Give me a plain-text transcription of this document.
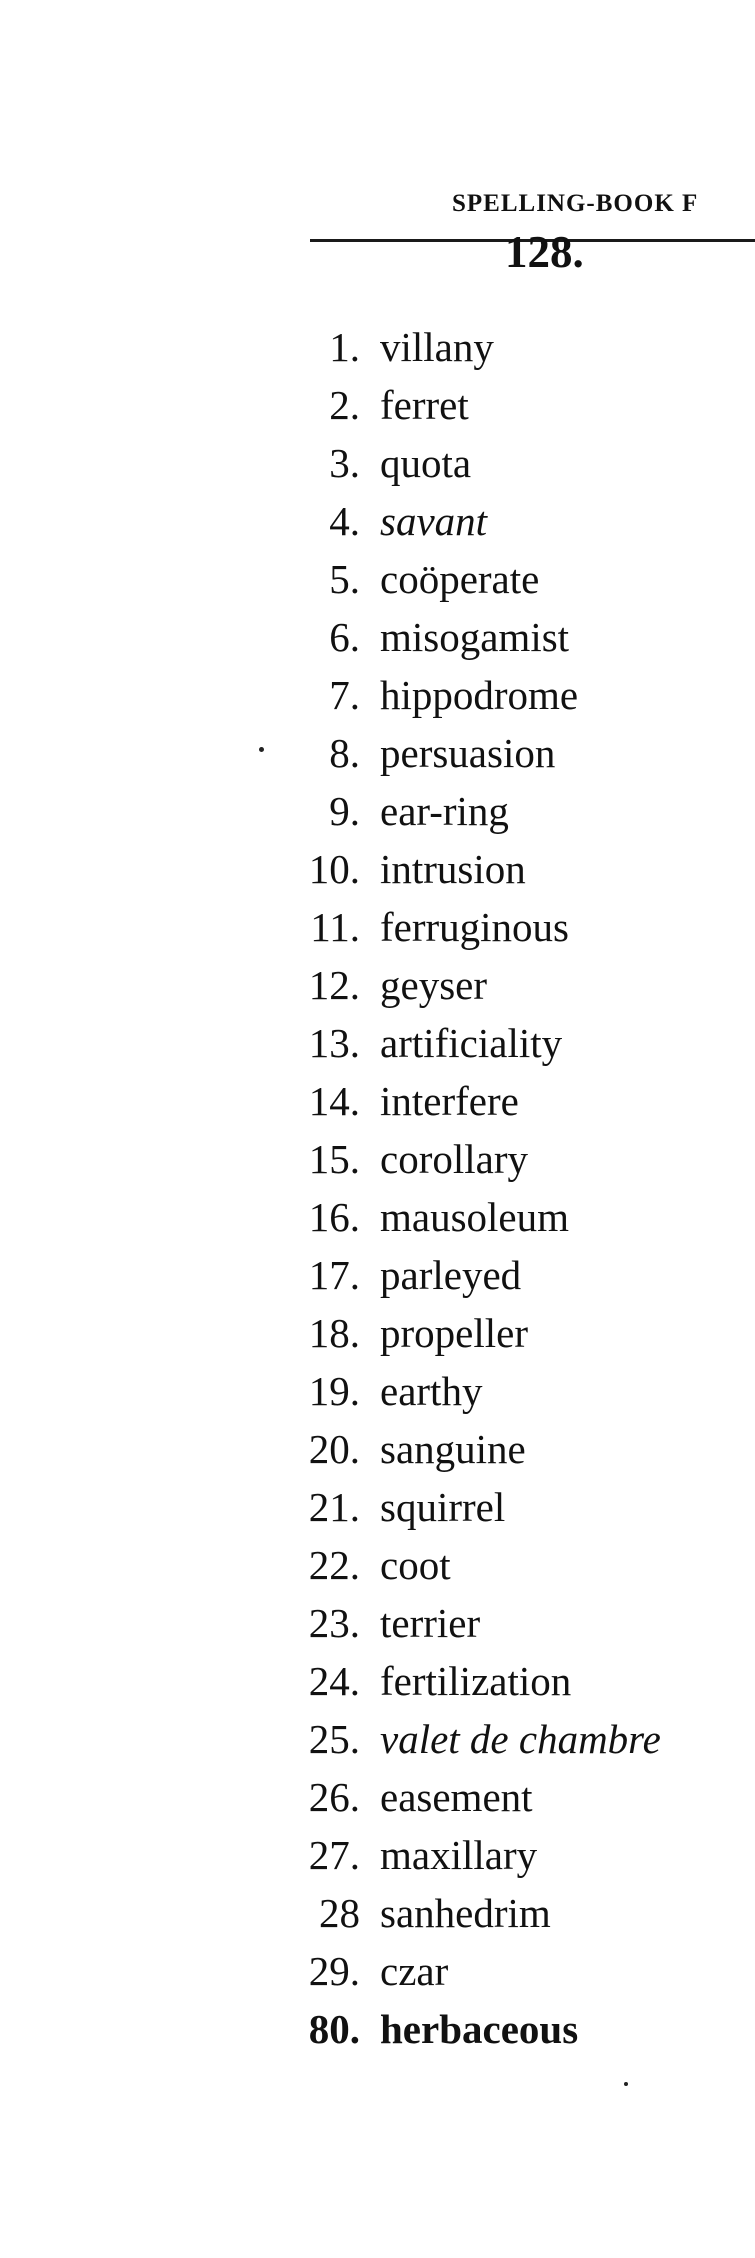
SPELLING-BOOK F
128.
1. villany
2. ferret
3. quota
4. savant
5. coöperate
6. misogamist
7. hippodrome
8. persuasion
9. ear-ring
10. intrusion
11. ferruginous
12. geyser
13. artificiality
14. interfere
15. corollary
16. mausoleum
17. parleyed
18. propeller
19. earthy
20. sanguine
21. squirrel
22. coot
23. terrier
24. fertilization
25. valet de chambre
26. easement
27. maxillary
28 sanhedrim
29. czar
80. herbaceous
